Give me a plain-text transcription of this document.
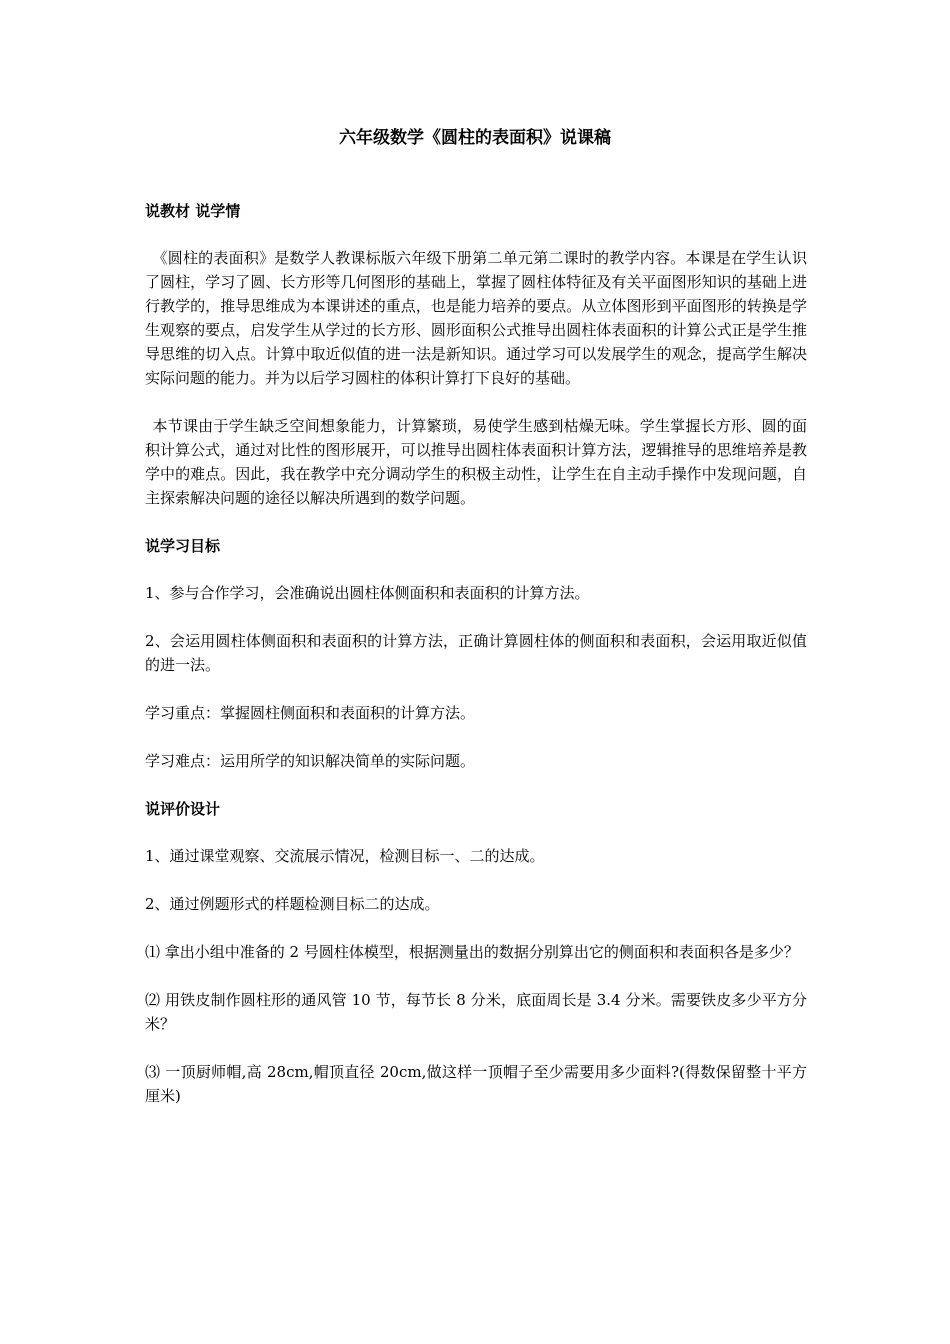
六年级数学《圆柱的表面积》说课稿
说教材 说学情

《圆柱的表面积》是数学人教课标版六年级下册第二单元第二课时的教学内容。本课是在学生认识了圆柱，学习了圆、长方形等几何图形的基础上，掌握了圆柱体特征及有关平面图形知识的基础上进行教学的，推导思维成为本课讲述的重点，也是能力培养的要点。从立体图形到平面图形的转换是学生观察的要点，启发学生从学过的长方形、圆形面积公式推导出圆柱体表面积的计算公式正是学生推导思维的切入点。计算中取近似值的进一法是新知识。通过学习可以发展学生的观念，提高学生解决实际问题的能力。并为以后学习圆柱的体积计算打下良好的基础。

本节课由于学生缺乏空间想象能力，计算繁琐，易使学生感到枯燥无味。学生掌握长方形、圆的面积计算公式，通过对比性的图形展开，可以推导出圆柱体表面积计算方法，逻辑推导的思维培养是教学中的难点。因此，我在教学中充分调动学生的积极主动性，让学生在自主动手操作中发现问题，自主探索解决问题的途径以解决所遇到的数学问题。

说学习目标

1、参与合作学习，会准确说出圆柱体侧面积和表面积的计算方法。

2、会运用圆柱体侧面积和表面积的计算方法，正确计算圆柱体的侧面积和表面积，会运用取近似值的进一法。

学习重点：掌握圆柱侧面积和表面积的计算方法。

学习难点：运用所学的知识解决简单的实际问题。

说评价设计

1、通过课堂观察、交流展示情况，检测目标一、二的达成。

2、通过例题形式的样题检测目标二的达成。

⑴ 拿出小组中准备的 2 号圆柱体模型，根据测量出的数据分别算出它的侧面积和表面积各是多少？

⑵ 用铁皮制作圆柱形的通风管 10 节，每节长 8 分米，底面周长是 3.4 分米。需要铁皮多少平方分米？

⑶ 一顶厨师帽,高 28cm,帽顶直径 20cm,做这样一顶帽子至少需要用多少面料?(得数保留整十平方厘米)
